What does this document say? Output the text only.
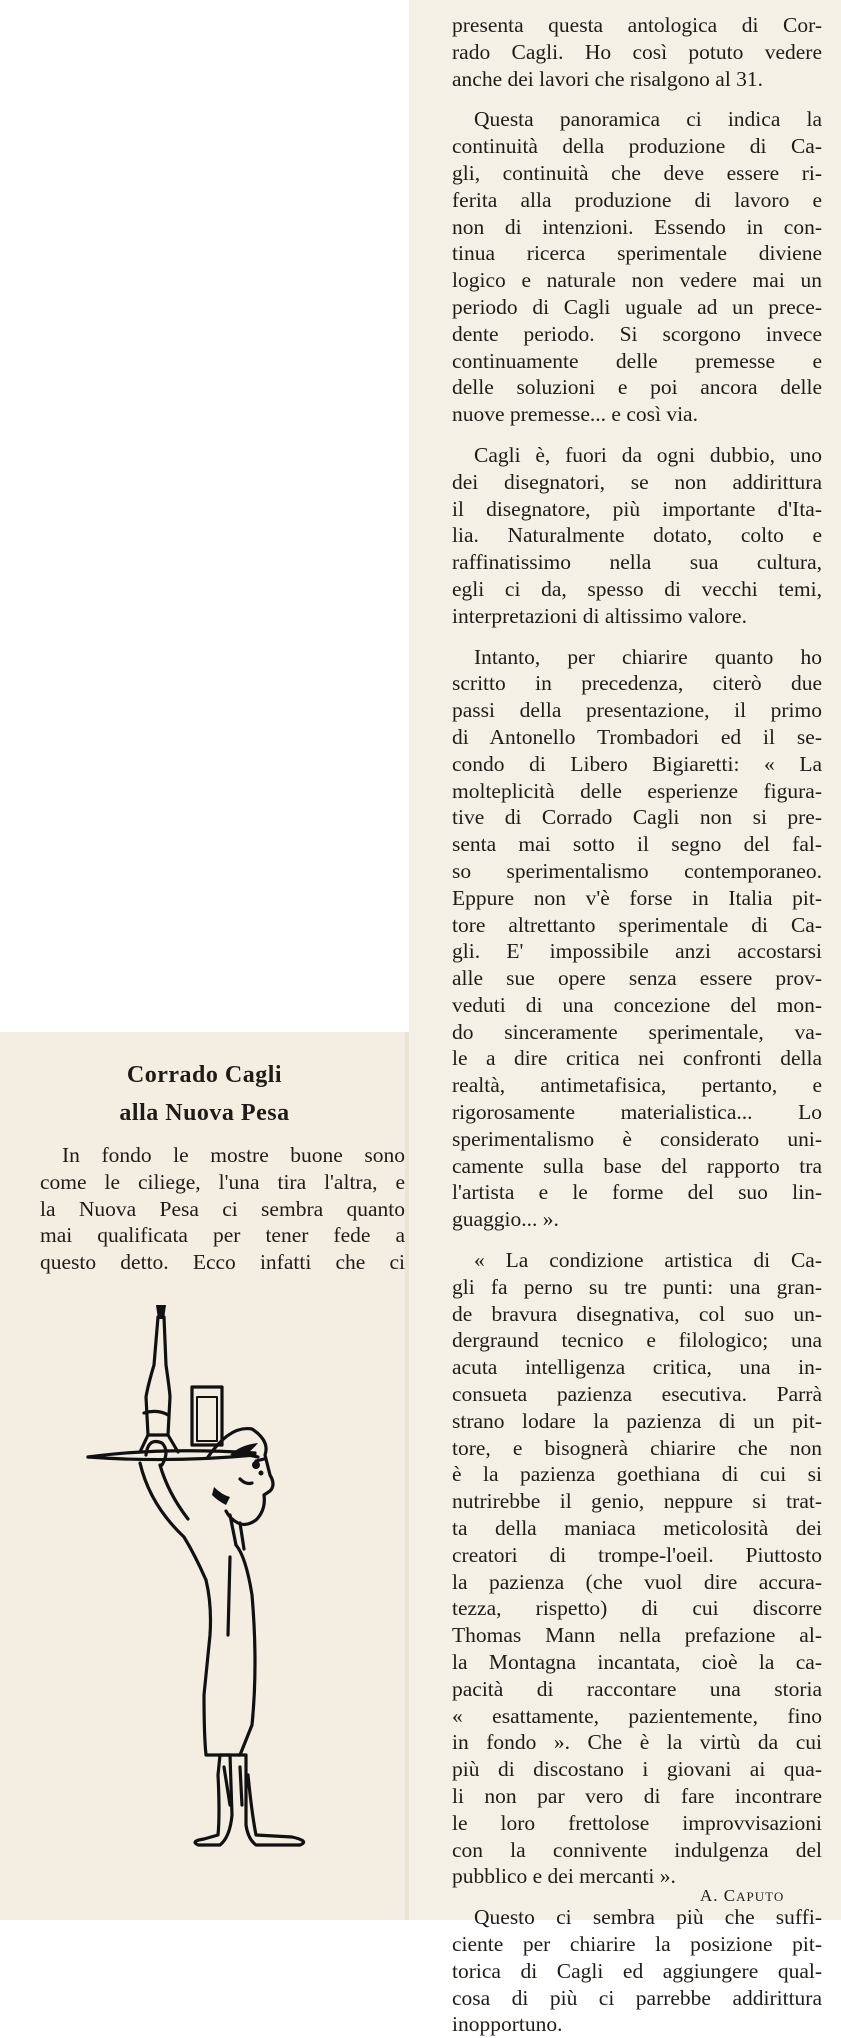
Corrado Cagli
alla Nuova Pesa
In fondo le mostre buone sono
come le ciliege, l'una tira l'altra, e
la Nuova Pesa ci sembra quanto
mai qualificata per tener fede a
questo detto. Ecco infatti che ci
presenta questa antologica di Cor-
rado Cagli. Ho così potuto vedere
anche dei lavori che risalgono al 31.
Questa panoramica ci indica la
continuità della produzione di Ca-
gli, continuità che deve essere ri-
ferita alla produzione di lavoro e
non di intenzioni. Essendo in con-
tinua ricerca sperimentale diviene
logico e naturale non vedere mai un
periodo di Cagli uguale ad un prece-
dente periodo. Si scorgono invece
continuamente delle premesse e
delle soluzioni e poi ancora delle
nuove premesse... e così via.
Cagli è, fuori da ogni dubbio, uno
dei disegnatori, se non addirittura
il disegnatore, più importante d'Ita-
lia. Naturalmente dotato, colto e
raffinatissimo nella sua cultura,
egli ci da, spesso di vecchi temi,
interpretazioni di altissimo valore.
Intanto, per chiarire quanto ho
scritto in precedenza, citerò due
passi della presentazione, il primo
di Antonello Trombadori ed il se-
condo di Libero Bigiaretti: « La
molteplicità delle esperienze figura-
tive di Corrado Cagli non si pre-
senta mai sotto il segno del fal-
so sperimentalismo contemporaneo.
Eppure non v'è forse in Italia pit-
tore altrettanto sperimentale di Ca-
gli. E' impossibile anzi accostarsi
alle sue opere senza essere prov-
veduti di una concezione del mon-
do sinceramente sperimentale, va-
le a dire critica nei confronti della
realtà, antimetafisica, pertanto, e
rigorosamente materialistica... Lo
sperimentalismo è considerato uni-
camente sulla base del rapporto tra
l'artista e le forme del suo lin-
guaggio... ».
« La condizione artistica di Ca-
gli fa perno su tre punti: una gran-
de bravura disegnativa, col suo un-
dergraund tecnico e filologico; una
acuta intelligenza critica, una in-
consueta pazienza esecutiva. Parrà
strano lodare la pazienza di un pit-
tore, e bisognerà chiarire che non
è la pazienza goethiana di cui si
nutrirebbe il genio, neppure si trat-
ta della maniaca meticolosità dei
creatori di trompe-l'oeil. Piuttosto
la pazienza (che vuol dire accura-
tezza, rispetto) di cui discorre
Thomas Mann nella prefazione al-
la Montagna incantata, cioè la ca-
pacità di raccontare una storia
« esattamente, pazientemente, fino
in fondo ». Che è la virtù da cui
più di discostano i giovani ai qua-
li non par vero di fare incontrare
le loro frettolose improvvisazioni
con la connivente indulgenza del
pubblico e dei mercanti ».
Questo ci sembra più che suffi-
ciente per chiarire la posizione pit-
torica di Cagli ed aggiungere qual-
cosa di più ci parrebbe addirittura
inopportuno.
A. CAPUTO
